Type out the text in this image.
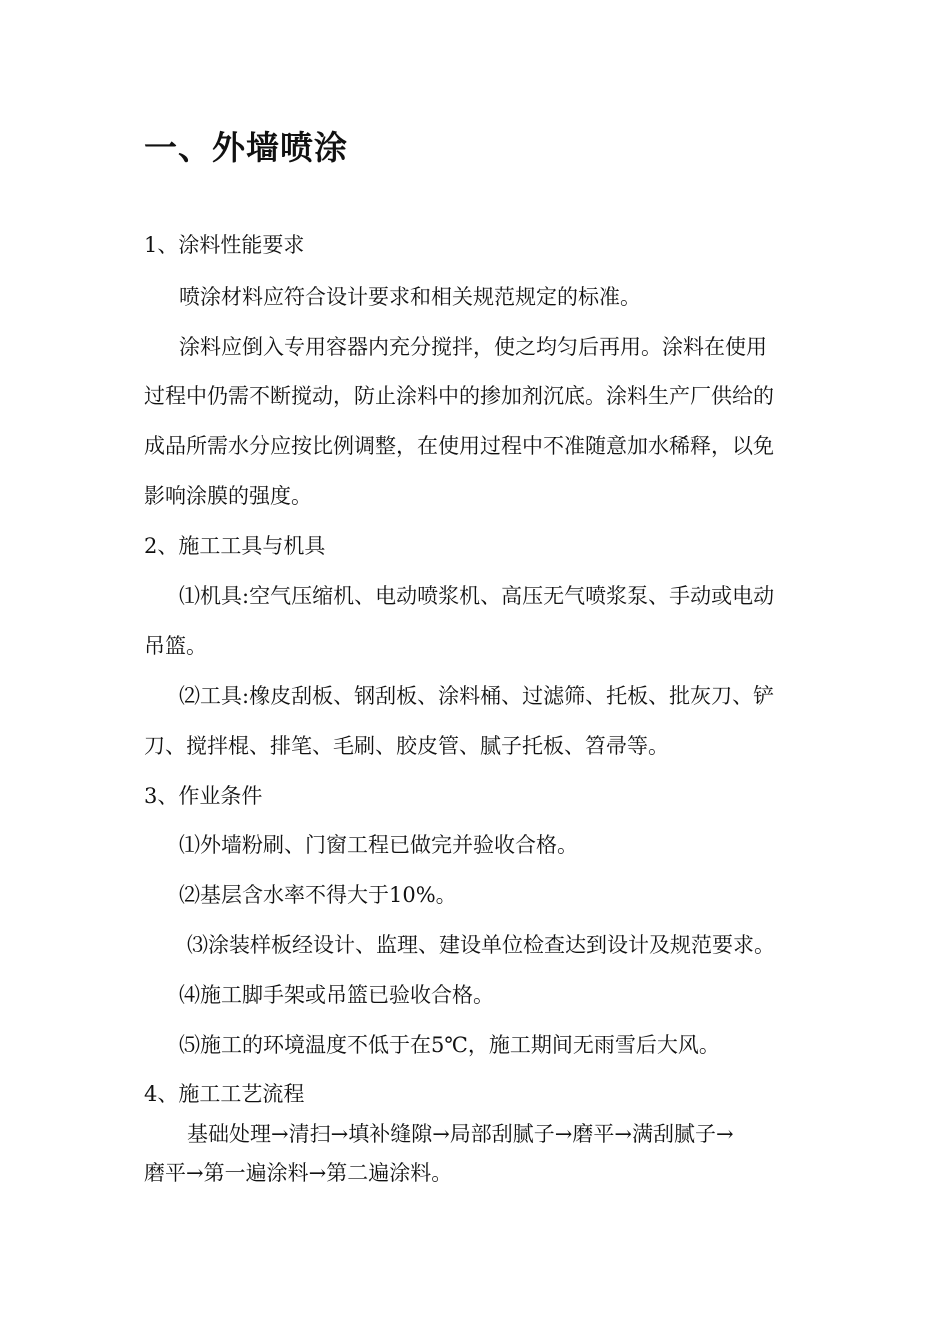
一、外墙喷涂

1、涂料性能要求

喷涂材料应符合设计要求和相关规范规定的标准。

涂料应倒入专用容器内充分搅拌，使之均匀后再用。涂料在使用

过程中仍需不断搅动，防止涂料中的掺加剂沉底。涂料生产厂供给的

成品所需水分应按比例调整，在使用过程中不准随意加水稀释，以免

影响涂膜的强度。

2、施工工具与机具

⑴机具:空气压缩机、电动喷浆机、高压无气喷浆泵、手动或电动

吊篮。

⑵工具:橡皮刮板、钢刮板、涂料桶、过滤筛、托板、批灰刀、铲

刀、搅拌棍、排笔、毛刷、胶皮管、腻子托板、笤帚等。

3、作业条件

⑴外墙粉刷、门窗工程已做完并验收合格。

⑵基层含水率不得大于10%。

⑶涂装样板经设计、监理、建设单位检查达到设计及规范要求。

⑷施工脚手架或吊篮已验收合格。

⑸施工的环境温度不低于在5℃，施工期间无雨雪后大风。

4、施工工艺流程

基础处理→清扫→填补缝隙→局部刮腻子→磨平→满刮腻子→

磨平→第一遍涂料→第二遍涂料。
